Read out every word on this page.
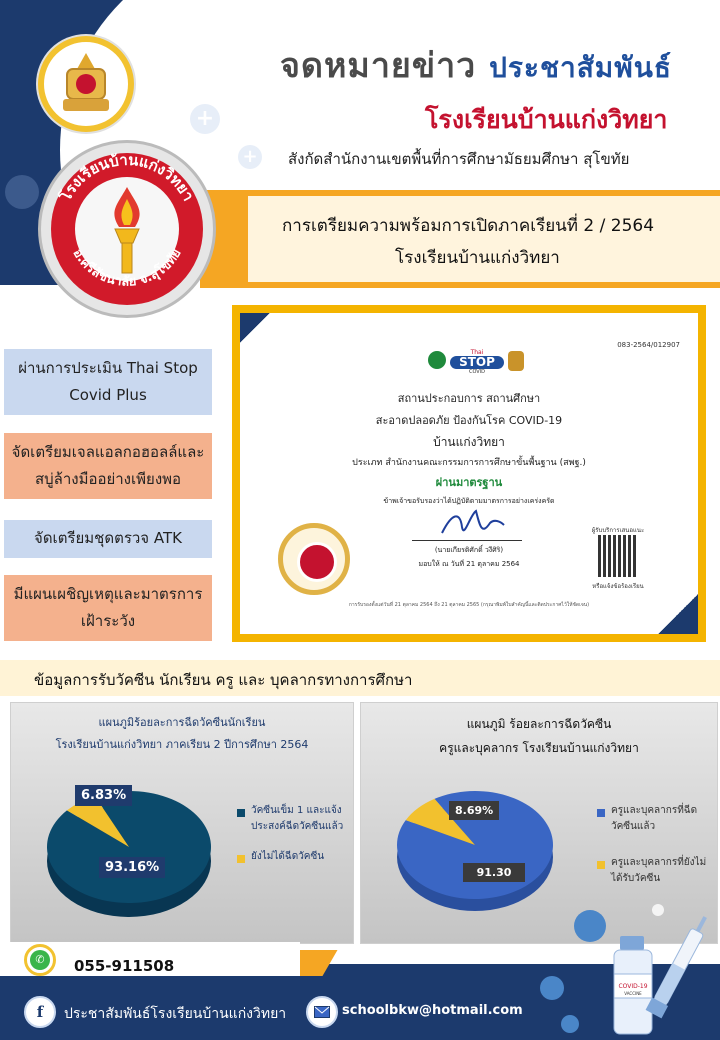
+
+
จดหมายข่าว ประชาสัมพันธ์
โรงเรียนบ้านแก่งวิทยา
สังกัดสำนักงานเขตพื้นที่การศึกษามัธยมศึกษา สุโขทัย
การเตรียมความพร้อมการเปิดภาคเรียนที่ 2 / 2564
โรงเรียนบ้านแก่งวิทยา
โรงเรียนบ้านแก่งวิทยา
อ.ศรีสัชนาลัย จ.สุโขทัย
ผ่านการประเมิน Thai Stop Covid Plus
จัดเตรียมเจลแอลกอฮอลล์และสบู่ล้างมืออย่างเพียงพอ
จัดเตรียมชุดตรวจ ATK
มีแผนเผชิญเหตุและมาตรการเฝ้าระวัง
083-2564/012907
Thai
STOP
COVID
สถานประกอบการ สถานศึกษา
สะอาดปลอดภัย ป้องกันโรค COVID-19
บ้านแก่งวิทยา
ประเภท สำนักงานคณะกรรมการการศึกษาขั้นพื้นฐาน (สพฐ.)
ผ่านมาตรฐาน
ข้าพเจ้าขอรับรองว่าได้ปฏิบัติตามมาตรการอย่างเคร่งครัด
(นายเกียรติศักดิ์ วงีศิริ)
มอบให้ ณ วันที่ 21 ตุลาคม 2564
ผู้รับบริการเสนอแนะ
หรือแจ้งข้อร้องเรียน
การรับรองตั้งแต่วันที่ 21 ตุลาคม 2564 ถึง 21 ตุลาคม 2565 (กรุณาพิมพ์ใบสำคัญนี้และติดประกาศไว้ให้ชัดเจน)
ข้อมูลการรับวัคซีน นักเรียน ครู และ บุคลากรทางการศึกษา
แผนภูมิร้อยละการฉีดวัคซีนนักเรียน
โรงเรียนบ้านแก่งวิทยา ภาคเรียน 2 ปีการศึกษา 2564
6.83%
93.16%
วัคซีนเข็ม 1 และแจ้งประสงค์ฉีดวัคซีนแล้ว
ยังไม่ได้ฉีดวัคซีน
แผนภูมิ ร้อยละการฉีดวัคซีน
ครูและบุคลากร โรงเรียนบ้านแก่งวิทยา
8.69%
91.30
ครูและบุคลากรที่ฉีดวัคซีนแล้ว
ครูและบุคลากรที่ยังไม่ได้รับวัคซีน
✆	055-911508
f	ประชาสัมพันธ์โรงเรียนบ้านแก่งวิทยา	schoolbkw@hotmail.com
COVID-19
VACCINE
